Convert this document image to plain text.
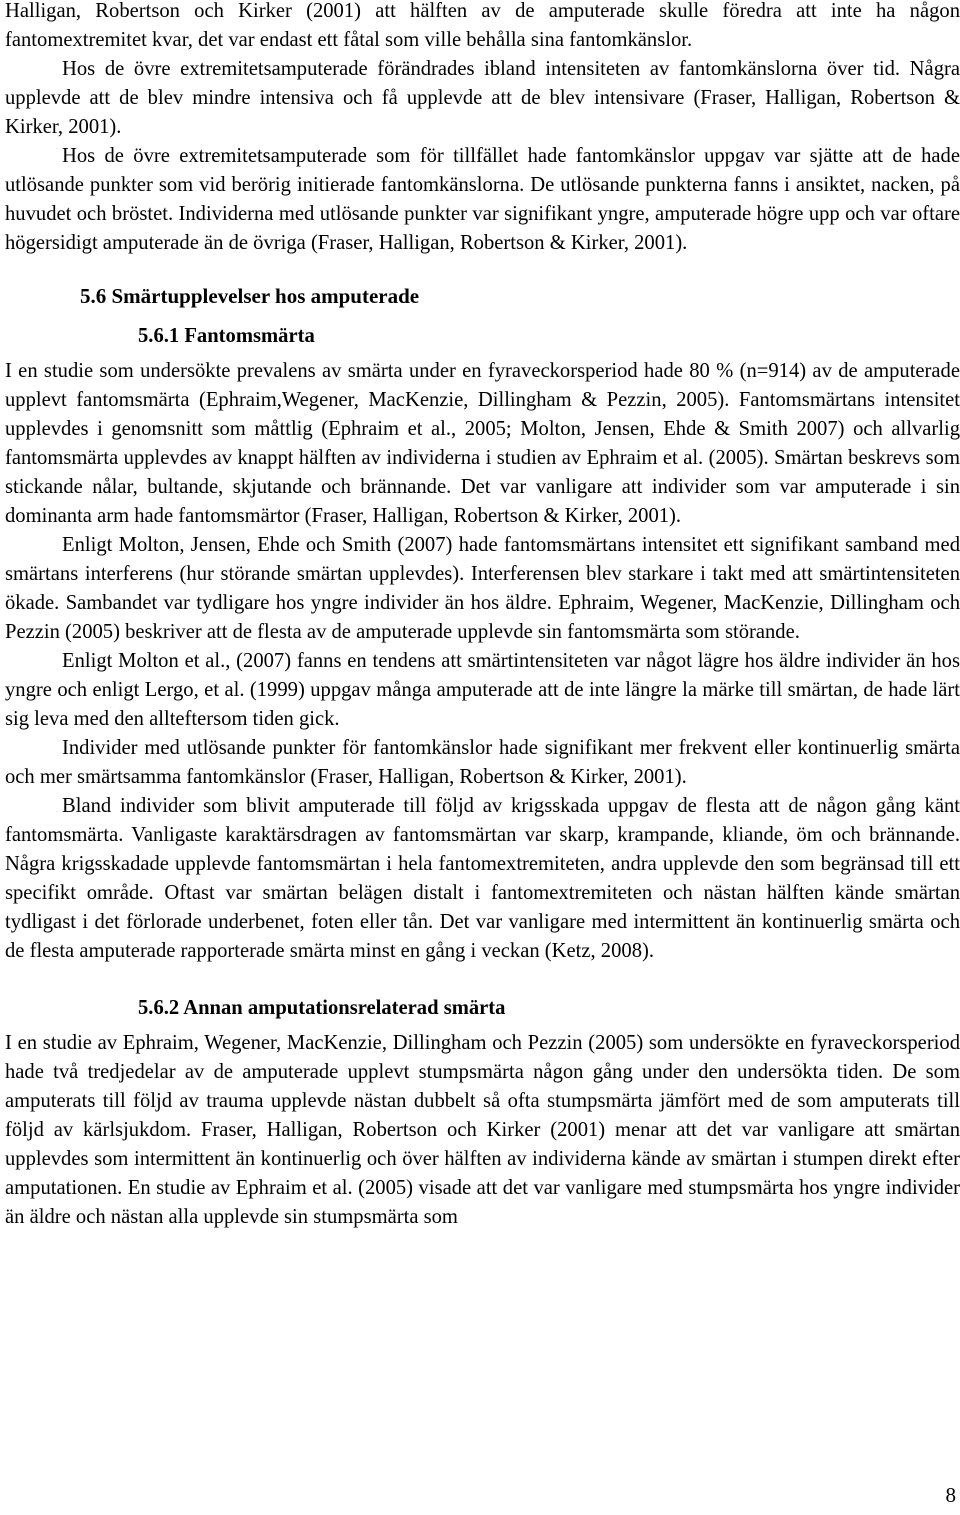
Halligan, Robertson och Kirker (2001) att hälften av de amputerade skulle föredra att inte ha någon fantomextremitet kvar, det var endast ett fåtal som ville behålla sina fantomkänslor.

Hos de övre extremitetsamputerade förändrades ibland intensiteten av fantomkänslorna över tid. Några upplevde att de blev mindre intensiva och få upplevde att de blev intensivare (Fraser, Halligan, Robertson & Kirker, 2001).

Hos de övre extremitetsamputerade som för tillfället hade fantomkänslor uppgav var sjätte att de hade utlösande punkter som vid berörig initierade fantomkänslorna. De utlösande punkterna fanns i ansiktet, nacken, på huvudet och bröstet. Individerna med utlösande punkter var signifikant yngre, amputerade högre upp och var oftare högersidigt amputerade än de övriga (Fraser, Halligan, Robertson & Kirker, 2001).

5.6 Smärtupplevelser hos amputerade
5.6.1 Fantomsmärta

I en studie som undersökte prevalens av smärta under en fyraveckorsperiod hade 80 % (n=914) av de amputerade upplevt fantomsmärta (Ephraim,Wegener, MacKenzie, Dillingham & Pezzin, 2005). Fantomsmärtans intensitet upplevdes i genomsnitt som måttlig (Ephraim et al., 2005; Molton, Jensen, Ehde & Smith 2007) och allvarlig fantomsmärta upplevdes av knappt hälften av individerna i studien av Ephraim et al. (2005). Smärtan beskrevs som stickande nålar, bultande, skjutande och brännande. Det var vanligare att individer som var amputerade i sin dominanta arm hade fantomsmärtor (Fraser, Halligan, Robertson & Kirker, 2001).

Enligt Molton, Jensen, Ehde och Smith (2007) hade fantomsmärtans intensitet ett signifikant samband med smärtans interferens (hur störande smärtan upplevdes). Interferensen blev starkare i takt med att smärtintensiteten ökade. Sambandet var tydligare hos yngre individer än hos äldre. Ephraim, Wegener, MacKenzie, Dillingham och Pezzin (2005) beskriver att de flesta av de amputerade upplevde sin fantomsmärta som störande.

Enligt Molton et al., (2007) fanns en tendens att smärtintensiteten var något lägre hos äldre individer än hos yngre och enligt Lergo, et al. (1999) uppgav många amputerade att de inte längre la märke till smärtan, de hade lärt sig leva med den allteftersom tiden gick.

Individer med utlösande punkter för fantomkänslor hade signifikant mer frekvent eller kontinuerlig smärta och mer smärtsamma fantomkänslor (Fraser, Halligan, Robertson & Kirker, 2001).

Bland individer som blivit amputerade till följd av krigsskada uppgav de flesta att de någon gång känt fantomsmärta. Vanligaste karaktärsdragen av fantomsmärtan var skarp, krampande, kliande, öm och brännande. Några krigsskadade upplevde fantomsmärtan i hela fantomextremiteten, andra upplevde den som begränsad till ett specifikt område. Oftast var smärtan belägen distalt i fantomextremiteten och nästan hälften kände smärtan tydligast i det förlorade underbenet, foten eller tån. Det var vanligare med intermittent än kontinuerlig smärta och de flesta amputerade rapporterade smärta minst en gång i veckan (Ketz, 2008).

5.6.2 Annan amputationsrelaterad smärta

I en studie av Ephraim, Wegener, MacKenzie, Dillingham och Pezzin (2005) som undersökte en fyraveckorsperiod hade två tredjedelar av de amputerade upplevt stumpsmärta någon gång under den undersökta tiden. De som amputerats till följd av trauma upplevde nästan dubbelt så ofta stumpsmärta jämfört med de som amputerats till följd av kärlsjukdom. Fraser, Halligan, Robertson och Kirker (2001) menar att det var vanligare att smärtan upplevdes som intermittent än kontinuerlig och över hälften av individerna kände av smärtan i stumpen direkt efter amputationen. En studie av Ephraim et al. (2005) visade att det var vanligare med stumpsmärta hos yngre individer än äldre och nästan alla upplevde sin stumpsmärta som

8
